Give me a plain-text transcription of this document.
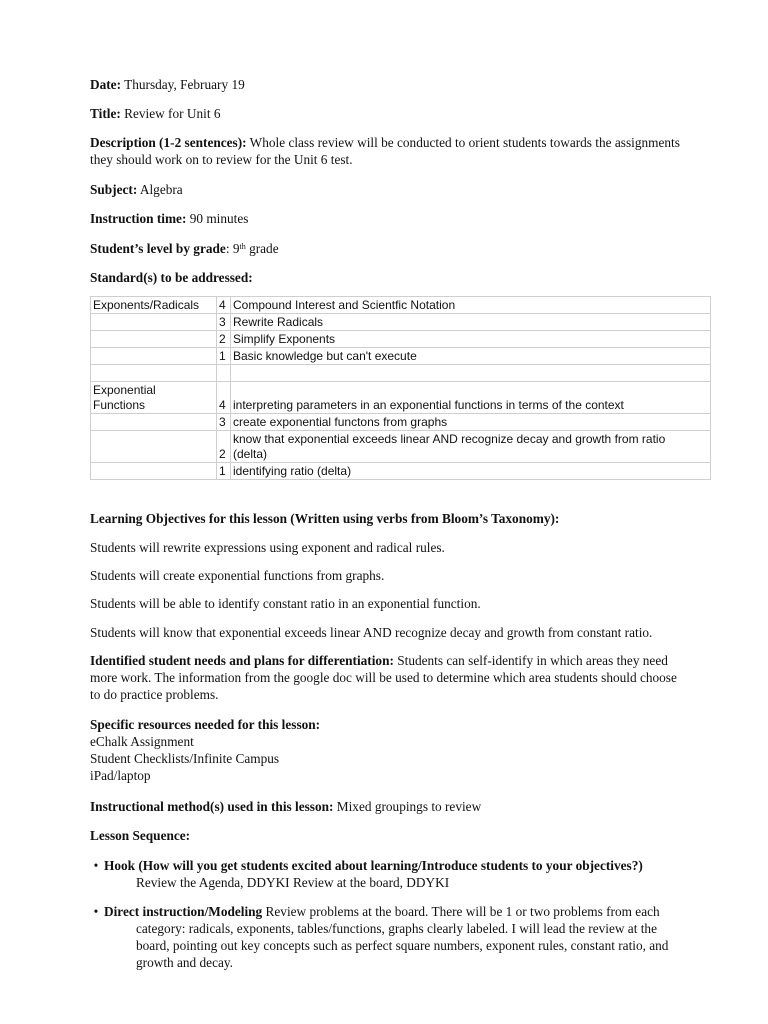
Date: Thursday, February 19
Title: Review for Unit 6
Description (1-2 sentences): Whole class review will be conducted to orient students towards the assignments
they should work on to review for the Unit 6 test.
Subject: Algebra
Instruction time: 90 minutes
Student’s level by grade: 9th grade
Standard(s) to be addressed:
Exponents/Radicals	4	Compound Interest and Scientfic Notation
	3	Rewrite Radicals
	2	Simplify Exponents
	1	Basic knowledge but can't execute

Exponential
Functions	4	interpreting parameters in an exponential functions in terms of the context
	3	create exponential functons from graphs
	2	know that exponential exceeds linear AND recognize decay and growth from ratio
(delta)
	1	identifying ratio (delta)
Learning Objectives for this lesson (Written using verbs from Bloom’s Taxonomy):
Students will rewrite expressions using exponent and radical rules.
Students will create exponential functions from graphs.
Students will be able to identify constant ratio in an exponential function.
Students will know that exponential exceeds linear AND recognize decay and growth from constant ratio.
Identified student needs and plans for differentiation: Students can self-identify in which areas they need
more work. The information from the google doc will be used to determine which area students should choose
to do practice problems.
Specific resources needed for this lesson:
eChalk Assignment
Student Checklists/Infinite Campus
iPad/laptop
Instructional method(s) used in this lesson: Mixed groupings to review
Lesson Sequence:
• Hook (How will you get students excited about learning/Introduce students to your objectives?)
Review the Agenda, DDYKI Review at the board, DDYKI
• Direct instruction/Modeling Review problems at the board. There will be 1 or two problems from each
category: radicals, exponents, tables/functions, graphs clearly labeled. I will lead the review at the
board, pointing out key concepts such as perfect square numbers, exponent rules, constant ratio, and
growth and decay.
